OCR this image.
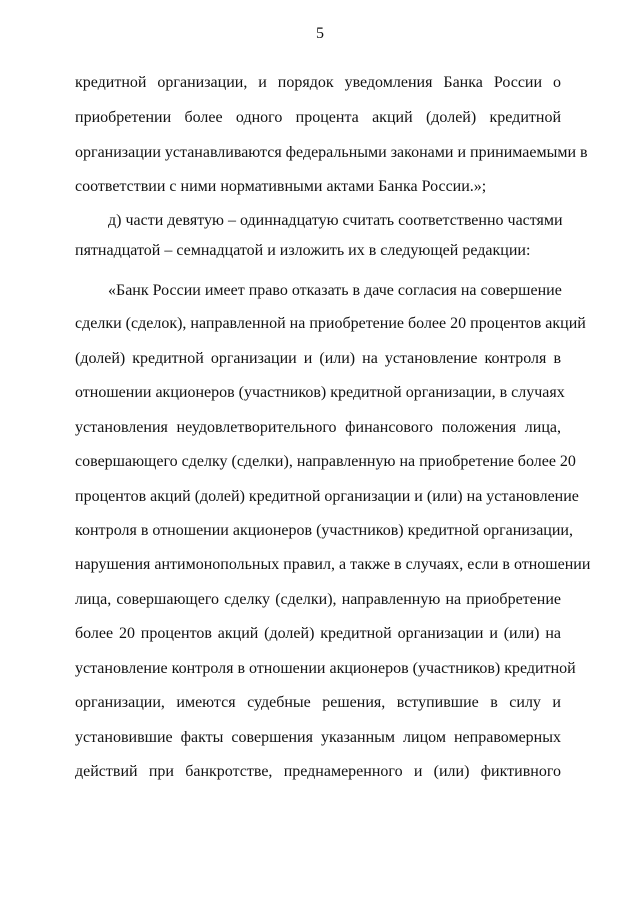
5
кредитной организации, и порядок уведомления Банка России о
приобретении более одного процента акций (долей) кредитной
организации устанавливаются федеральными законами и принимаемыми в
соответствии с ними нормативными актами Банка России.»;
д) части девятую – одиннадцатую считать соответственно частями
пятнадцатой – семнадцатой и изложить их в следующей редакции:
«Банк России имеет право отказать в даче согласия на совершение
сделки (сделок), направленной на приобретение более 20 процентов акций
(долей) кредитной организации и (или) на установление контроля в
отношении акционеров (участников) кредитной организации, в случаях
установления неудовлетворительного финансового положения лица,
совершающего сделку (сделки), направленную на приобретение более 20
процентов акций (долей) кредитной организации и (или) на установление
контроля в отношении акционеров (участников) кредитной организации,
нарушения антимонопольных правил, а также в случаях, если в отношении
лица, совершающего сделку (сделки), направленную на приобретение
более 20 процентов акций (долей) кредитной организации и (или) на
установление контроля в отношении акционеров (участников) кредитной
организации, имеются судебные решения, вступившие в силу и
установившие факты совершения указанным лицом неправомерных
действий при банкротстве, преднамеренного и (или) фиктивного
